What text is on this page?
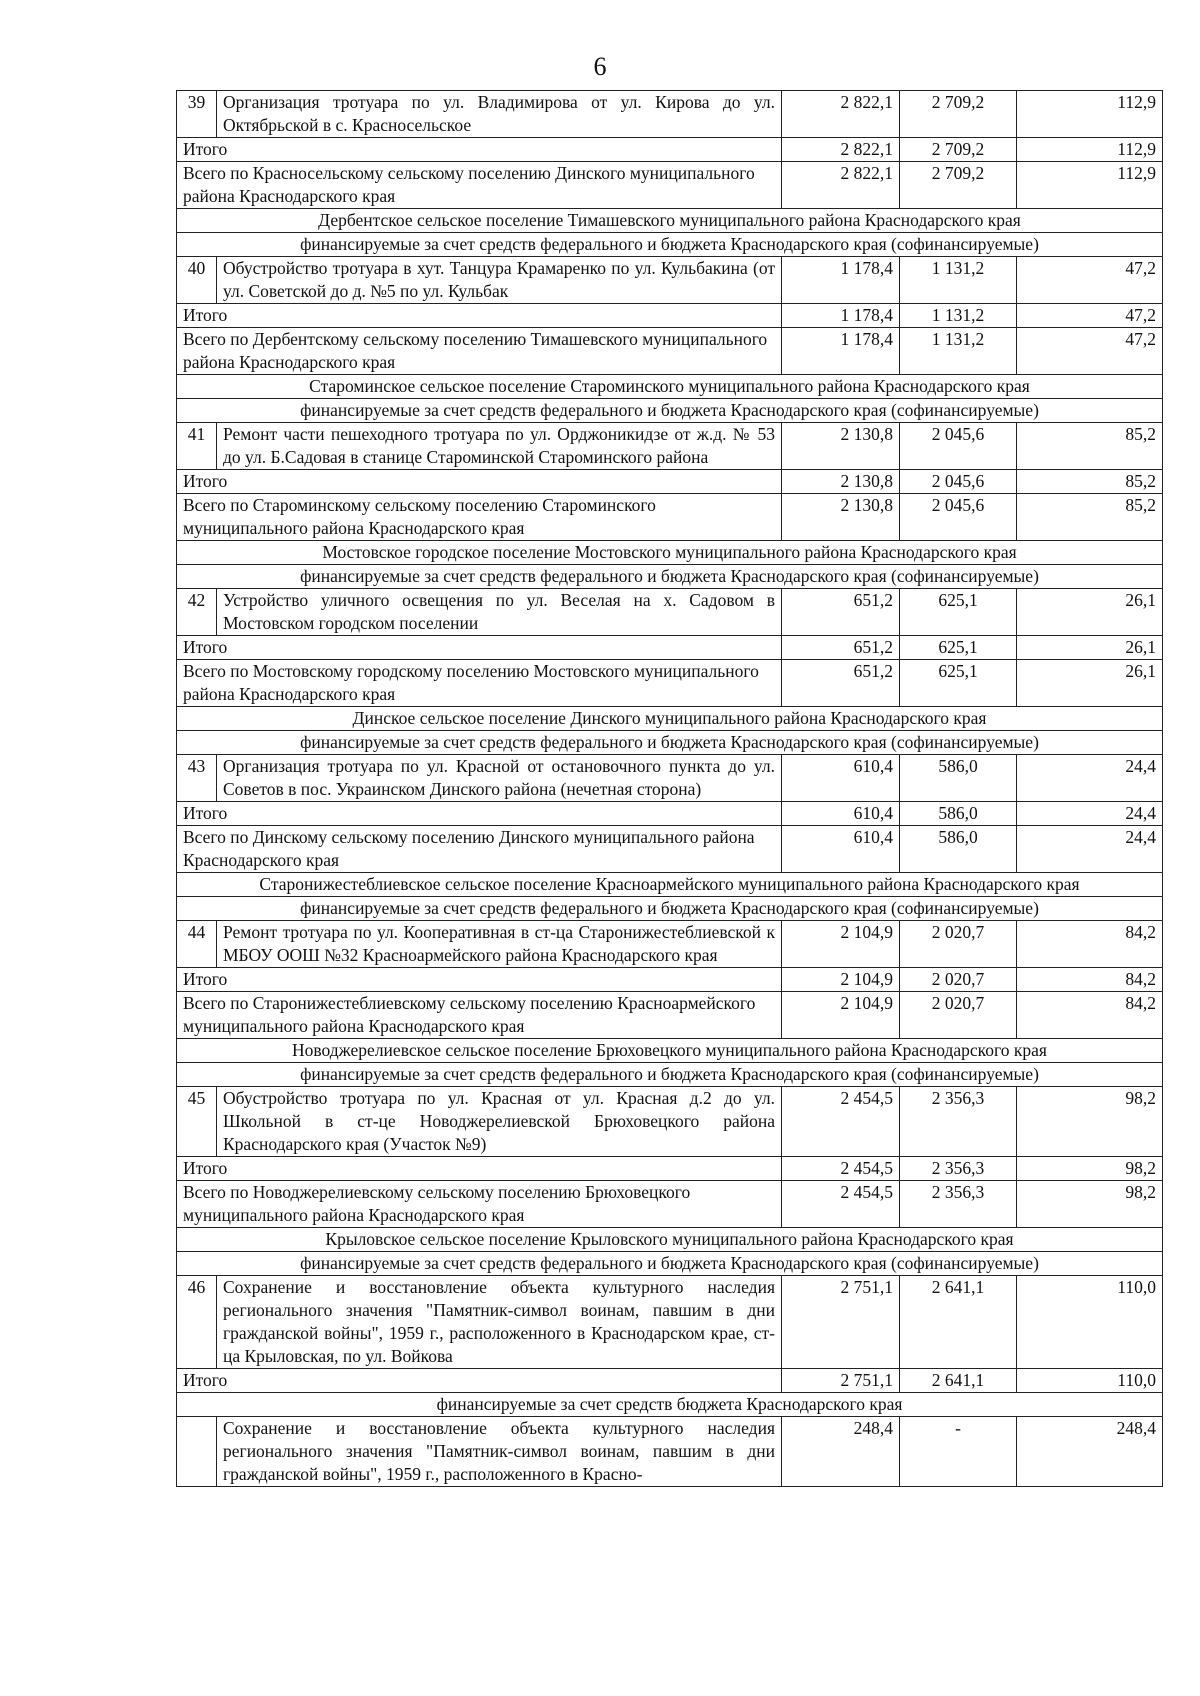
6
39	Организация тротуара по ул. Владимирова от ул. Кирова до ул. Октябрьской в с. Красносельское	2 822,1	2 709,2	112,9
Итого		2 822,1	2 709,2	112,9
Всего по Красносельскому сельскому поселению Динского муниципального района Краснодарского края		2 822,1	2 709,2	112,9
Дербентское сельское поселение Тимашевского муниципального района Краснодарского края				
финансируемые за счет средств федерального и бюджета Краснодарского края (софинансируемые)				
40	Обустройство тротуара в хут. Танцура Крамаренко по ул. Кульбакина (от ул. Советской до д. №5 по ул. Кульбак	1 178,4	1 131,2	47,2
Итого		1 178,4	1 131,2	47,2
Всего по Дербентскому сельскому поселению Тимашевского муниципального района Краснодарского края		1 178,4	1 131,2	47,2
Староминское сельское поселение Староминского муниципального района Краснодарского края				
финансируемые за счет средств федерального и бюджета Краснодарского края (софинансируемые)				
41	Ремонт части пешеходного тротуара по ул. Орджоникидзе от ж.д. № 53 до ул. Б.Садовая в станице Староминской Староминского района	2 130,8	2 045,6	85,2
Итого		2 130,8	2 045,6	85,2
Всего по Староминскому сельскому поселению Староминского муниципального района Краснодарского края		2 130,8	2 045,6	85,2
Мостовское городское поселение Мостовского муниципального района Краснодарского края				
финансируемые за счет средств федерального и бюджета Краснодарского края (софинансируемые)				
42	Устройство уличного освещения по ул. Веселая на х. Садовом в Мостовском городском поселении	651,2	625,1	26,1
Итого		651,2	625,1	26,1
Всего по Мостовскому городскому поселению Мостовского муниципального района Краснодарского края		651,2	625,1	26,1
Динское сельское поселение Динского муниципального района Краснодарского края				
финансируемые за счет средств федерального и бюджета Краснодарского края (софинансируемые)				
43	Организация тротуара по ул. Красной от остановочного пункта до ул. Советов в пос. Украинском Динского района (нечетная сторона)	610,4	586,0	24,4
Итого		610,4	586,0	24,4
Всего по Динскому сельскому поселению Динского муниципального района Краснодарского края		610,4	586,0	24,4
Старонижестеблиевское сельское поселение Красноармейского муниципального района Краснодарского края				
финансируемые за счет средств федерального и бюджета Краснодарского края (софинансируемые)				
44	Ремонт тротуара по ул. Кооперативная в ст-ца Старонижестеблиевской к МБОУ ООШ №32 Красноармейского района Краснодарского края	2 104,9	2 020,7	84,2
Итого		2 104,9	2 020,7	84,2
Всего по Старонижестеблиевскому сельскому поселению Красноармейского муниципального района Краснодарского края		2 104,9	2 020,7	84,2
Новоджерелиевское сельское поселение Брюховецкого муниципального района Краснодарского края				
финансируемые за счет средств федерального и бюджета Краснодарского края (софинансируемые)				
45	Обустройство тротуара по ул. Красная от ул. Красная д.2 до ул. Школьной в ст-це Новоджерелиевской Брюховецкого района Краснодарского края (Участок №9)	2 454,5	2 356,3	98,2
Итого		2 454,5	2 356,3	98,2
Всего по Новоджерелиевскому сельскому поселению Брюховецкого муниципального района Краснодарского края		2 454,5	2 356,3	98,2
Крыловское сельское поселение Крыловского муниципального района Краснодарского края				
финансируемые за счет средств федерального и бюджета Краснодарского края (софинансируемые)				
46	Сохранение и восстановление объекта культурного наследия регионального значения "Памятник-символ воинам, павшим в дни гражданской войны", 1959 г., расположенного в Краснодарском крае, ст-ца Крыловская, по ул. Войкова	2 751,1	2 641,1	110,0
Итого		2 751,1	2 641,1	110,0
финансируемые за счет средств бюджета Краснодарского края				
	Сохранение и восстановление объекта культурного наследия регионального значения "Памятник-символ воинам, павшим в дни гражданской войны", 1959 г., расположенного в Красно-	248,4	-	248,4
